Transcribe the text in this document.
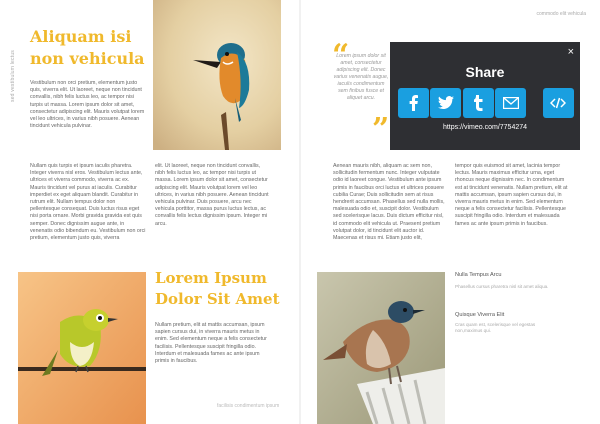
sed vestibulum lectus
commodo elit vehicula
Aliquam isi non vehicula
Vestibulum non orci pretium, elementum justo quis, viverra elit. Ut laoreet, neque non tincidunt convallis, nibh felis luctus leo, ac tempor nisi turpis ut massa. Lorem ipsum dolor sit amet, consectetur adipiscing elit. Mauris volutpat lorem vel leo ultrices, in varius nibh posuere. Aenean tincidunt vehicula pulvinar.
Nullam quis turpis et ipsum iaculis pharetra. Integer viverra nisl eros. Vestibulum lectus ante, ultrices et viverra commodo, viverra ac ex. Mauris tincidunt vel purus at iaculis. Curabitur imperdiet ex eget aliquam blandit. Curabitur in rutrum elit. Nullam tempus dolor non pellentesque consequat. Duis luctus risus eget nisi porta ornare. Morbi gravida gravida est quis semper. Donec dignissim augue ante, in venenatis odio bibendum eu. Vestibulum non orci pretium, elementum justo quis, viverra
elit. Ut laoreet, neque non tincidunt convallis, nibh felis luctus leo, ac tempor nisi turpis ut massa. Lorem ipsum dolor sit amet, consectetur adipiscing elit. Mauris volutpat lorem vel leo ultrices, in varius nibh posuere. Aenean tincidunt vehicula pulvinar. Duis posuere, arcu nec vehicula porttitor, massa purus luctus lectus, ac convallis felis lectus dignissim ipsum. Integer mi arcu.
Lorem Ipsum Dolor Sit Amet
Nullam pretium, elit at mattis accumsan, ipsum sapien cursus dui, in viverra mauris metus in enim. Sed elementum neque a felis consectetur facilisis. Pellentesque suscipit fringilla odio. Interdum et malesuada fames ac ante ipsum primis in faucibus.
facilisis condimentum ipsum
“
Lorem ipsum dolor sit amet, consectetur adipiscing elit. Donec varius venenatis augue, iaculis condimentum sem finibus fusce et aliquet arcu.
”
×
Share
https://vimeo.com/7754274
Aenean mauris nibh, aliquam ac sem non, sollicitudin fermentum nunc. Integer vulputate odio id laoreet congue. Vestibulum ante ipsum primis in faucibus orci luctus et ultrices posuere cubilia Curae; Duis sollicitudin sem at risus hendrerit accumsan. Phasellus sed nulla mollis, malesuada odio et, suscipit dolor. Vestibulum sed scelerisque lacus. Duis dictum efficitur nisl, id commodo elit vehicula ut. Praesent pretium volutpat dolor, id tincidunt elit auctor id. Maecenas et risus mi. Etiam justo elit,
tempor quis euismod sit amet, lacinia tempor lectus. Mauris maximus efficitur urna, eget rhoncus neque dignissim nec. In condimentum est at tincidunt venenatis. Nullam pretium, elit at mattis accumsan, ipsum sapien cursus dui, in viverra mauris metus in enim. Sed elementum neque a felis consectetur facilisis. Pellentesque suscipit fringilla odio. Interdum et malesuada fames ac ante ipsum primis in faucibus.
Nulla Tempus Arcu
Phasellus cursus pharetra nisl sit amet aliqua.
Quisque Viverra Elit
Cras quam est, scelerisque vel egestas non,maximus qui.
